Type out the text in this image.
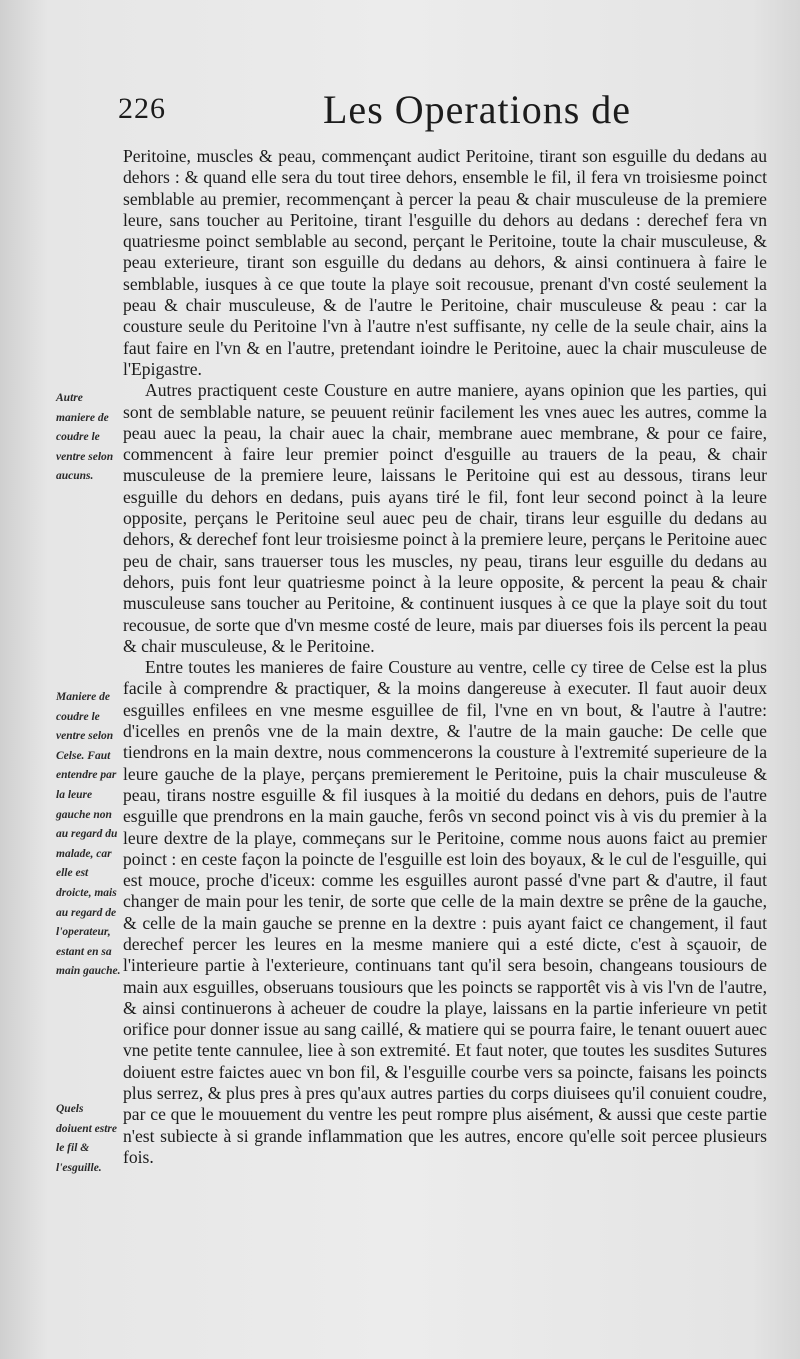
226	Les Operations de
Autre maniere de coudre le ventre selon aucuns.
Maniere de coudre le ventre selon Celse. Faut entendre par la leure gauche non au regard du malade, car elle est droicte, mais au regard de l'operateur, estant en sa main gauche.
Quels doiuent estre le fil & l'esguille.

Peritoine, muscles & peau, commençant audict Peritoine, tirant son esguille du dedans au dehors : & quand elle sera du tout tiree dehors, ensemble le fil, il fera vn troisiesme poinct semblable au premier, recommençant à percer la peau & chair musculeuse de la premiere leure, sans toucher au Peritoine, tirant l'esguille du dehors au dedans : derechef fera vn quatriesme poinct semblable au second, perçant le Peritoine, toute la chair musculeuse, & peau exterieure, tirant son esguille du dedans au dehors, & ainsi continuera à faire le semblable, iusques à ce que toute la playe soit recousue, prenant d'vn costé seulement la peau & chair musculeuse, & de l'autre le Peritoine, chair musculeuse & peau : car la cousture seule du Peritoine l'vn à l'autre n'est suffisante, ny celle de la seule chair, ains la faut faire en l'vn & en l'autre, pretendant ioindre le Peritoine, auec la chair musculeuse de l'Epigastre.

Autres practiquent ceste Cousture en autre maniere, ayans opinion que les parties, qui sont de semblable nature, se peuuent reünir facilement les vnes auec les autres, comme la peau auec la peau, la chair auec la chair, membrane auec membrane, & pour ce faire, commencent à faire leur premier poinct d'esguille au trauers de la peau, & chair musculeuse de la premiere leure, laissans le Peritoine qui est au dessous, tirans leur esguille du dehors en dedans, puis ayans tiré le fil, font leur second poinct à la leure opposite, perçans le Peritoine seul auec peu de chair, tirans leur esguille du dedans au dehors, & derechef font leur troisiesme poinct à la premiere leure, perçans le Peritoine auec peu de chair, sans trauerser tous les muscles, ny peau, tirans leur esguille du dedans au dehors, puis font leur quatriesme poinct à la leure opposite, & percent la peau & chair musculeuse sans toucher au Peritoine, & continuent iusques à ce que la playe soit du tout recousue, de sorte que d'vn mesme costé de leure, mais par diuerses fois ils percent la peau & chair musculeuse, & le Peritoine.

Entre toutes les manieres de faire Cousture au ventre, celle cy tiree de Celse est la plus facile à comprendre & practiquer, & la moins dangereuse à executer. Il faut auoir deux esguilles enfilees en vne mesme esguillee de fil, l'vne en vn bout, & l'autre à l'autre: d'icelles en prenôs vne de la main dextre, & l'autre de la main gauche: De celle que tiendrons en la main dextre, nous commencerons la cousture à l'extremité superieure de la leure gauche de la playe, perçans premierement le Peritoine, puis la chair musculeuse & peau, tirans nostre esguille & fil iusques à la moitié du dedans en dehors, puis de l'autre esguille que prendrons en la main gauche, ferôs vn second poinct vis à vis du premier à la leure dextre de la playe, commeçans sur le Peritoine, comme nous auons faict au premier poinct : en ceste façon la poincte de l'esguille est loin des boyaux, & le cul de l'esguille, qui est mouce, proche d'iceux: comme les esguilles auront passé d'vne part & d'autre, il faut changer de main pour les tenir, de sorte que celle de la main dextre se prêne de la gauche, & celle de la main gauche se prenne en la dextre : puis ayant faict ce changement, il faut derechef percer les leures en la mesme maniere qui a esté dicte, c'est à sçauoir, de l'interieure partie à l'exterieure, continuans tant qu'il sera besoin, changeans tousiours de main aux esguilles, obseruans tousiours que les poincts se rapportêt vis à vis l'vn de l'autre, & ainsi continuerons à acheuer de coudre la playe, laissans en la partie inferieure vn petit orifice pour donner issue au sang caillé, & matiere qui se pourra faire, le tenant ouuert auec vne petite tente cannulee, liee à son extremité. Et faut noter, que toutes les susdites Sutures doiuent estre faictes auec vn bon fil, & l'esguille courbe vers sa poincte, faisans les poincts plus serrez, & plus pres à pres qu'aux autres parties du corps diuisees qu'il conuient coudre, par ce que le mouuement du ventre les peut rompre plus aisément, & aussi que ceste partie n'est subiecte à si grande inflammation que les autres, encore qu'elle soit percee plusieurs fois.
